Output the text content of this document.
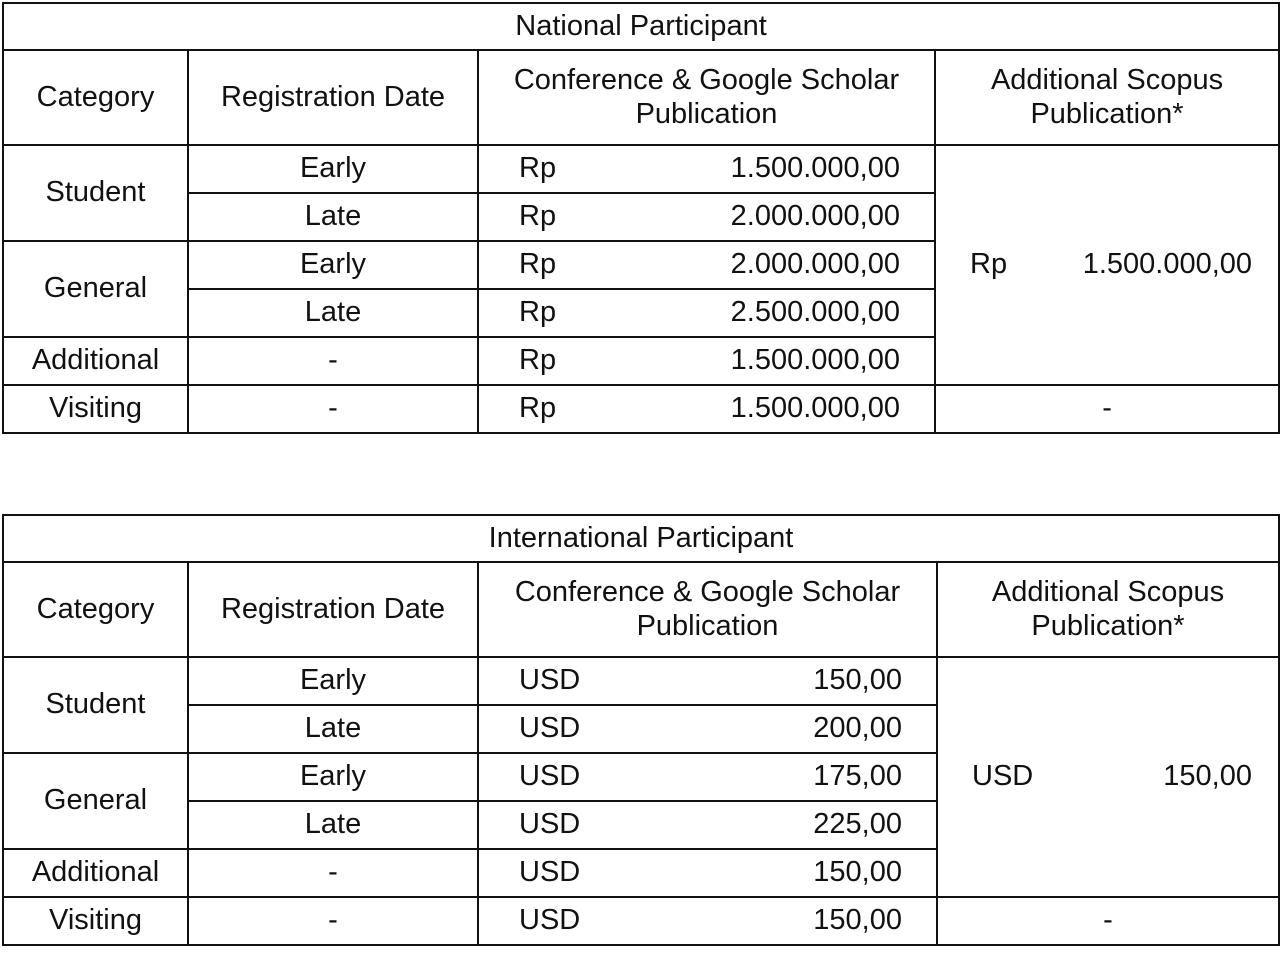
National Participant			
Category	Registration Date	Conference & Google Scholar Publication	Additional Scopus Publication*
Student	Early	Rp 1.500.000,00	Rp 1.500.000,00

	Late	Rp 2.000.000,00	

General	Early	Rp 2.000.000,00	

	Late	Rp 2.500.000,00	

Additional	-	Rp 1.500.000,00	

Visiting	-	Rp 1.500.000,00	-
International Participant			
Category	Registration Date	Conference & Google Scholar Publication	Additional Scopus Publication*
Student	Early	USD 150,00	USD 150,00

	Late	USD 200,00	

General	Early	USD 175,00	

	Late	USD 225,00	

Additional	-	USD 150,00	

Visiting	-	USD 150,00	-
